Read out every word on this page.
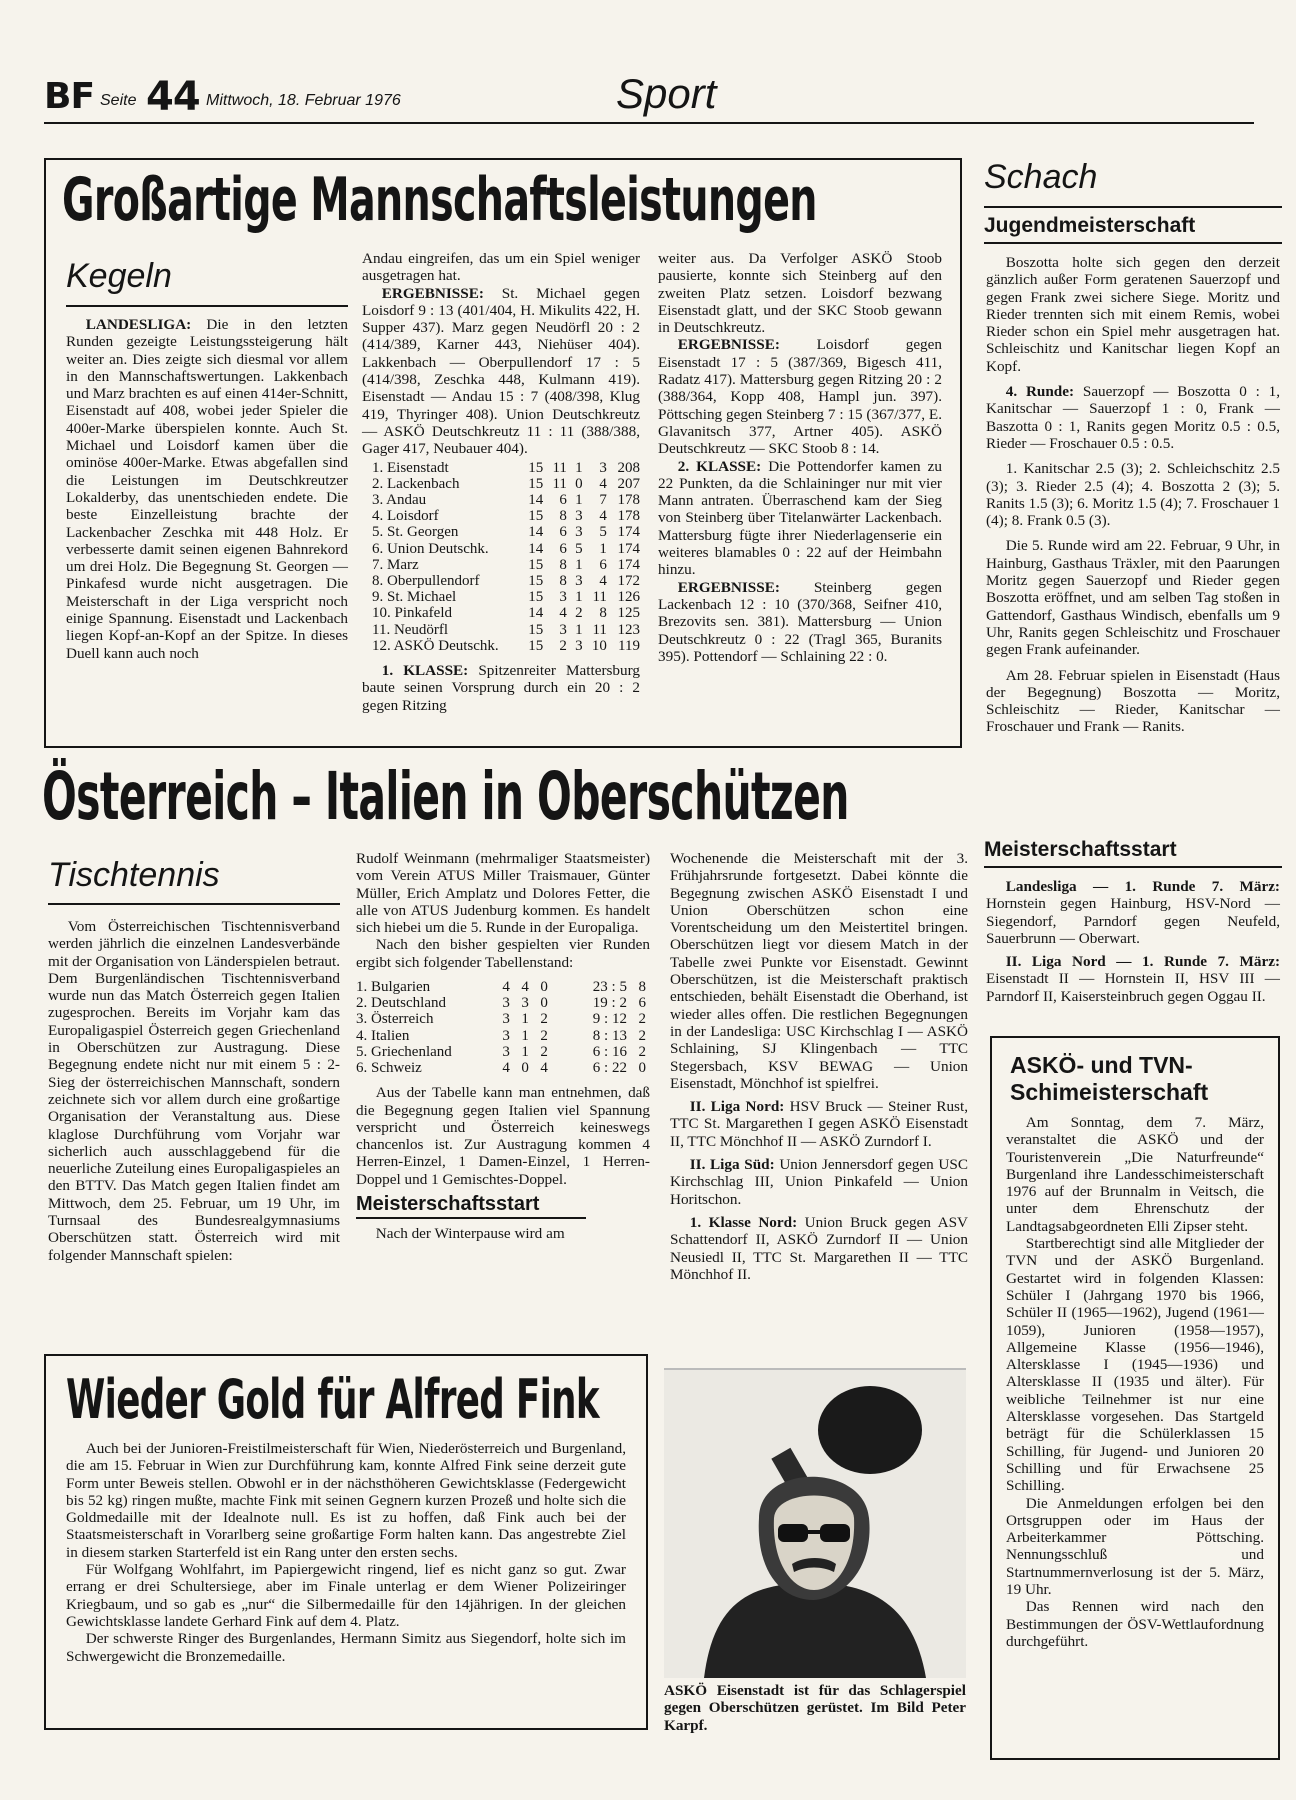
BF Seite 44 Mittwoch, 18. Februar 1976	Sport
Großartige Mannschaftsleistungen
Kegeln

LANDESLIGA: Die in den letzten Runden gezeigte Leistungssteigerung hält weiter an. Dies zeigte sich diesmal vor allem in den Mannschaftswertungen. Lakkenbach und Marz brachten es auf einen 414er-Schnitt, Eisenstadt auf 408, wobei jeder Spieler die 400er-Marke überspielen konnte. Auch St. Michael und Loisdorf kamen über die ominöse 400er-Marke. Etwas abgefallen sind die Leistungen im Deutschkreutzer Lokalderby, das unentschieden endete. Die beste Einzelleistung brachte der Lackenbacher Zeschka mit 448 Holz. Er verbesserte damit seinen eigenen Bahnrekord um drei Holz. Die Begegnung St. Georgen — Pinkafesd wurde nicht ausgetragen. Die Meisterschaft in der Liga verspricht noch einige Spannung. Eisenstadt und Lackenbach liegen Kopf-an-Kopf an der Spitze. In dieses Duell kann auch noch

Andau eingreifen, das um ein Spiel weniger ausgetragen hat.

ERGEBNISSE: St. Michael gegen Loisdorf 9 : 13 (401/404, H. Mikulits 422, H. Supper 437). Marz gegen Neudörfl 20 : 2 (414/389, Karner 443, Niehüser 404). Lakkenbach — Oberpullendorf 17 : 5 (414/398, Zeschka 448, Kulmann 419). Eisenstadt — Andau 15 : 7 (408/398, Klug 419, Thyringer 408). Union Deutschkreutz — ASKÖ Deutschkreutz 11 : 11 (388/388, Gager 417, Neubauer 404).

1. Eisenstadt	15	11	1	3	208
2. Lackenbach	15	11	0	4	207
3. Andau	14	6	1	7	178
4. Loisdorf	15	8	3	4	178
5. St. Georgen	14	6	3	5	174
6. Union Deutschk.	14	6	5	1	174
7. Marz	15	8	1	6	174
8. Oberpullendorf	15	8	3	4	172
9. St. Michael	15	3	1	11	126
10. Pinkafeld	14	4	2	8	125
11. Neudörfl	15	3	1	11	123
12. ASKÖ Deutschk.	15	2	3	10	119

1. KLASSE: Spitzenreiter Mattersburg baute seinen Vorsprung durch ein 20 : 2 gegen Ritzing

weiter aus. Da Verfolger ASKÖ Stoob pausierte, konnte sich Steinberg auf den zweiten Platz setzen. Loisdorf bezwang Eisenstadt glatt, und der SKC Stoob gewann in Deutschkreutz.

ERGEBNISSE: Loisdorf gegen Eisenstadt 17 : 5 (387/369, Bigesch 411, Radatz 417). Mattersburg gegen Ritzing 20 : 2 (388/364, Kopp 408, Hampl jun. 397). Pöttsching gegen Steinberg 7 : 15 (367/377, E. Glavanitsch 377, Artner 405). ASKÖ Deutschkreutz — SKC Stoob 8 : 14.

2. KLASSE: Die Pottendorfer kamen zu 22 Punkten, da die Schlaininger nur mit vier Mann antraten. Überraschend kam der Sieg von Steinberg über Titelanwärter Lackenbach. Mattersburg fügte ihrer Niederlagenserie ein weiteres blamables 0 : 22 auf der Heimbahn hinzu.

ERGEBNISSE: Steinberg gegen Lackenbach 12 : 10 (370/368, Seifner 410, Brezovits sen. 381). Mattersburg — Union Deutschkreutz 0 : 22 (Tragl 365, Buranits 395). Pottendorf — Schlaining 22 : 0.

Österreich – Italien in Oberschützen
Tischtennis

Vom Österreichischen Tischtennisverband werden jährlich die einzelnen Landesverbände mit der Organisation von Länderspielen betraut. Dem Burgenländischen Tischtennisverband wurde nun das Match Österreich gegen Italien zugesprochen. Bereits im Vorjahr kam das Europaligaspiel Österreich gegen Griechenland in Oberschützen zur Austragung. Diese Begegnung endete nicht nur mit einem 5 : 2-Sieg der österreichischen Mannschaft, sondern zeichnete sich vor allem durch eine großartige Organisation der Veranstaltung aus. Diese klaglose Durchführung vom Vorjahr war sicherlich auch ausschlaggebend für die neuerliche Zuteilung eines Europaligaspieles an den BTTV. Das Match gegen Italien findet am Mittwoch, dem 25. Februar, um 19 Uhr, im Turnsaal des Bundesrealgymnasiums Oberschützen statt. Österreich wird mit folgender Mannschaft spielen:

Rudolf Weinmann (mehrmaliger Staatsmeister) vom Verein ATUS Miller Traismauer, Günter Müller, Erich Amplatz und Dolores Fetter, die alle von ATUS Judenburg kommen. Es handelt sich hiebei um die 5. Runde in der Europaliga.

Nach den bisher gespielten vier Runden ergibt sich folgender Tabellenstand:

1. Bulgarien	4	4	0	23 : 5	8
2. Deutschland	3	3	0	19 : 2	6
3. Österreich	3	1	2	9 : 12	2
4. Italien	3	1	2	8 : 13	2
5. Griechenland	3	1	2	6 : 16	2
6. Schweiz	4	0	4	6 : 22	0

Aus der Tabelle kann man entnehmen, daß die Begegnung gegen Italien viel Spannung verspricht und Österreich keineswegs chancenlos ist. Zur Austragung kommen 4 Herren-Einzel, 1 Damen-Einzel, 1 Herren-Doppel und 1 Gemischtes-Doppel.

Meisterschaftsstart

Nach der Winterpause wird am

Wochenende die Meisterschaft mit der 3. Frühjahrsrunde fortgesetzt. Dabei könnte die Begegnung zwischen ASKÖ Eisenstadt I und Union Oberschützen schon eine Vorentscheidung um den Meistertitel bringen. Oberschützen liegt vor diesem Match in der Tabelle zwei Punkte vor Eisenstadt. Gewinnt Oberschützen, ist die Meisterschaft praktisch entschieden, behält Eisenstadt die Oberhand, ist wieder alles offen. Die restlichen Begegnungen in der Landesliga: USC Kirchschlag I — ASKÖ Schlaining, SJ Klingenbach — TTC Stegersbach, KSV BEWAG — Union Eisenstadt, Mönchhof ist spielfrei.

II. Liga Nord: HSV Bruck — Steiner Rust, TTC St. Margarethen I gegen ASKÖ Eisenstadt II, TTC Mönchhof II — ASKÖ Zurndorf I.

II. Liga Süd: Union Jennersdorf gegen USC Kirchschlag III, Union Pinkafeld — Union Horitschon.

1. Klasse Nord: Union Bruck gegen ASV Schattendorf II, ASKÖ Zurndorf II — Union Neusiedl II, TTC St. Margarethen II — TTC Mönchhof II.

ASKÖ Eisenstadt ist für das Schlagerspiel gegen Oberschützen gerüstet. Im Bild Peter Karpf.
Wieder Gold für Alfred Fink

Auch bei der Junioren-Freistilmeisterschaft für Wien, Niederösterreich und Burgenland, die am 15. Februar in Wien zur Durchführung kam, konnte Alfred Fink seine derzeit gute Form unter Beweis stellen. Obwohl er in der nächsthöheren Gewichtsklasse (Federgewicht bis 52 kg) ringen mußte, machte Fink mit seinen Gegnern kurzen Prozeß und holte sich die Goldmedaille mit der Idealnote null. Es ist zu hoffen, daß Fink auch bei der Staatsmeisterschaft in Vorarlberg seine großartige Form halten kann. Das angestrebte Ziel in diesem starken Starterfeld ist ein Rang unter den ersten sechs.

Für Wolfgang Wohlfahrt, im Papiergewicht ringend, lief es nicht ganz so gut. Zwar errang er drei Schultersiege, aber im Finale unterlag er dem Wiener Polizeiringer Kriegbaum, und so gab es „nur“ die Silbermedaille für den 14jährigen. In der gleichen Gewichtsklasse landete Gerhard Fink auf dem 4. Platz.

Der schwerste Ringer des Burgenlandes, Hermann Simitz aus Siegendorf, holte sich im Schwergewicht die Bronzemedaille.

Schach
Jugendmeisterschaft

Boszotta holte sich gegen den derzeit gänzlich außer Form geratenen Sauerzopf und gegen Frank zwei sichere Siege. Moritz und Rieder trennten sich mit einem Remis, wobei Rieder schon ein Spiel mehr ausgetragen hat. Schleischitz und Kanitschar liegen Kopf an Kopf.

4. Runde: Sauerzopf — Boszotta 0 : 1, Kanitschar — Sauerzopf 1 : 0, Frank — Baszotta 0 : 1, Ranits gegen Moritz 0.5 : 0.5, Rieder — Froschauer 0.5 : 0.5.

1. Kanitschar 2.5 (3); 2. Schleichschitz 2.5 (3); 3. Rieder 2.5 (4); 4. Boszotta 2 (3); 5. Ranits 1.5 (3); 6. Moritz 1.5 (4); 7. Froschauer 1 (4); 8. Frank 0.5 (3).

Die 5. Runde wird am 22. Februar, 9 Uhr, in Hainburg, Gasthaus Träxler, mit den Paarungen Moritz gegen Sauerzopf und Rieder gegen Boszotta eröffnet, und am selben Tag stoßen in Gattendorf, Gasthaus Windisch, ebenfalls um 9 Uhr, Ranits gegen Schleischitz und Froschauer gegen Frank aufeinander.

Am 28. Februar spielen in Eisenstadt (Haus der Begegnung) Boszotta — Moritz, Schleischitz — Rieder, Kanitschar — Froschauer und Frank — Ranits.

Meisterschaftsstart

Landesliga — 1. Runde 7. März: Hornstein gegen Hainburg, HSV-Nord — Siegendorf, Parndorf gegen Neufeld, Sauerbrunn — Oberwart.

II. Liga Nord — 1. Runde 7. März: Eisenstadt II — Hornstein II, HSV III — Parndorf II, Kaisersteinbruch gegen Oggau II.

ASKÖ- und TVN-Schimeisterschaft

Am Sonntag, dem 7. März, veranstaltet die ASKÖ und der Touristenverein „Die Naturfreunde“ Burgenland ihre Landesschimeisterschaft 1976 auf der Brunnalm in Veitsch, die unter dem Ehrenschutz der Landtagsabgeordneten Elli Zipser steht.

Startberechtigt sind alle Mitglieder der TVN und der ASKÖ Burgenland. Gestartet wird in folgenden Klassen: Schüler I (Jahrgang 1970 bis 1966, Schüler II (1965—1962), Jugend (1961—1059), Junioren (1958—1957), Allgemeine Klasse (1956—1946), Altersklasse I (1945—1936) und Altersklasse II (1935 und älter). Für weibliche Teilnehmer ist nur eine Altersklasse vorgesehen. Das Startgeld beträgt für die Schülerklassen 15 Schilling, für Jugend- und Junioren 20 Schilling und für Erwachsene 25 Schilling.

Die Anmeldungen erfolgen bei den Ortsgruppen oder im Haus der Arbeiterkammer Pöttsching. Nennungsschluß und Startnummernverlosung ist der 5. März, 19 Uhr.

Das Rennen wird nach den Bestimmungen der ÖSV-Wettlaufordnung durchgeführt.
